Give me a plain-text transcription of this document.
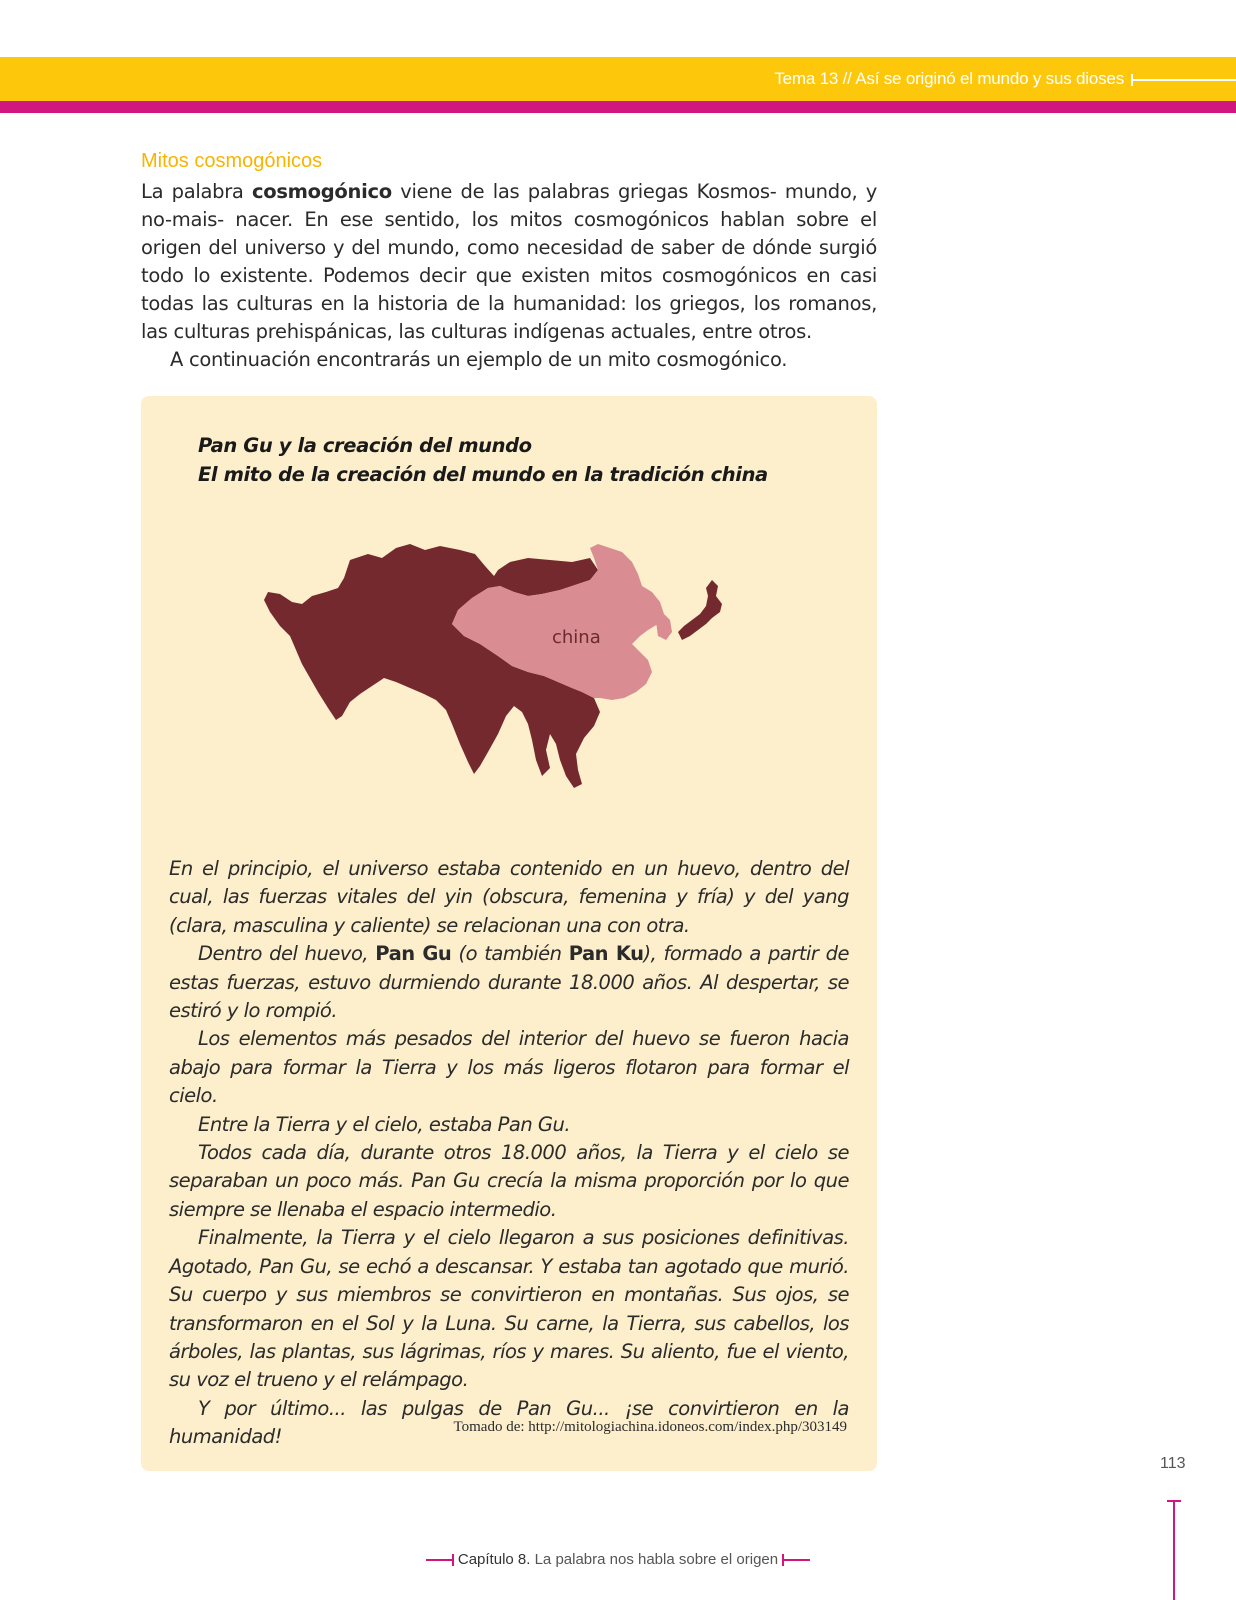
Tema 13 // Así se originó el mundo y sus dioses
Mitos cosmogónicos

La palabra cosmogónico viene de las palabras griegas Kosmos- mundo, y no-mais- nacer. En ese sentido, los mitos cosmogónicos hablan sobre el origen del universo y del mundo, como necesidad de saber de dónde surgió todo lo existente. Podemos decir que existen mitos cosmogónicos en casi todas las culturas en la historia de la humanidad: los griegos, los romanos, las culturas prehispánicas, las culturas indígenas actuales, entre otros.

A continuación encontrarás un ejemplo de un mito cosmogónico.

Pan Gu y la creación del mundo
El mito de la creación del mundo en la tradición china
china

En el principio, el universo estaba contenido en un huevo, dentro del cual, las fuerzas vitales del yin (obscura, femenina y fría) y del yang (clara, masculina y caliente) se relacionan una con otra.

Dentro del huevo, Pan Gu (o también Pan Ku), formado a partir de estas fuerzas, estuvo durmiendo durante 18.000 años. Al despertar, se estiró y lo rompió.

Los elementos más pesados del interior del huevo se fueron hacia abajo para formar la Tierra y los más ligeros flotaron para formar el cielo.

Entre la Tierra y el cielo, estaba Pan Gu.

Todos cada día, durante otros 18.000 años, la Tierra y el cielo se separaban un poco más. Pan Gu crecía la misma proporción por lo que siempre se llenaba el espacio intermedio.

Finalmente, la Tierra y el cielo llegaron a sus posiciones definitivas. Agotado, Pan Gu, se echó a descansar. Y estaba tan agotado que murió. Su cuerpo y sus miembros se convirtieron en montañas. Sus ojos, se transformaron en el Sol y la Luna. Su carne, la Tierra, sus cabellos, los árboles, las plantas, sus lágrimas, ríos y mares. Su aliento, fue el viento, su voz el trueno y el relámpago.

Y por último... las pulgas de Pan Gu... ¡se convirtieron en la humanidad!	Tomado de: http://mitologiachina.idoneos.com/index.php/303149
113
Capítulo 8. La palabra nos habla sobre el origen
